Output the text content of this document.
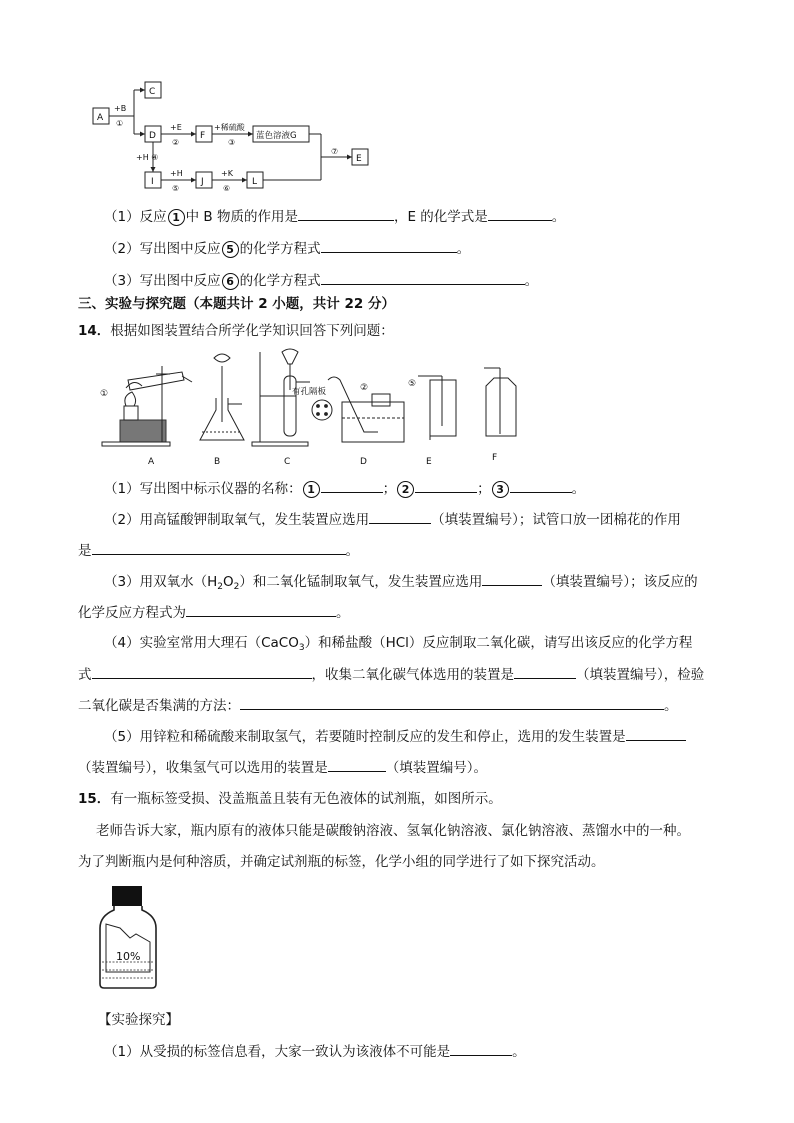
A
C
D	F	蓝色溶液G
E
I	J	L
+B
①	+E
②
+稀硫酸
③
+H ④
+H
⑤
+K
⑥
⑦
（1）反应 1 中 B 物质的作用是	，E 的化学式是	。
（2）写出图中反应 5 的化学方程式	。
（3）写出图中反应 6 的化学方程式	。
三、实验与探究题（本题共计 2 小题，共计 22 分）
14．根据如图装置结合所学化学知识回答下列问题：
①
②	⑤
有孔隔板
A	B	C	D	E	F
（1）写出图中标示仪器的名称： 1	； 2	； 3	。
（2）用高锰酸钾制取氧气，发生装置应选用	（填装置编号）；试管口放一团棉花的作用
是	。
（3）用双氧水$(H_2O_2)$和二氧化锰制取氧气，发生装置应选用	（填装置编号）；该反应的
化学反应方程式为	。
（4）实验室常用大理石（CaCO$_3$）和稀盐酸（HCl）反应制取二氧化碳，请写出该反应的化学方程
式	，收集二氧化碳气体选用的装置是	（填装置编号），检验
二氧化碳是否集满的方法：	。
（5）用锌粒和稀硫酸来制取氢气，若要随时控制反应的发生和停止，选用的发生装置是
（装置编号），收集氢气可以选用的装置是	（填装置编号）。
15．有一瓶标签受损、没盖瓶盖且装有无色液体的试剂瓶，如图所示。
老师告诉大家，瓶内原有的液体只能是碳酸钠溶液、氢氧化钠溶液、氯化钠溶液、蒸馏水中的一种。
为了判断瓶内是何种溶质，并确定试剂瓶的标签，化学小组的同学进行了如下探究活动。
10%
【实验探究】
（1）从受损的标签信息看，大家一致认为该液体不可能是	。
